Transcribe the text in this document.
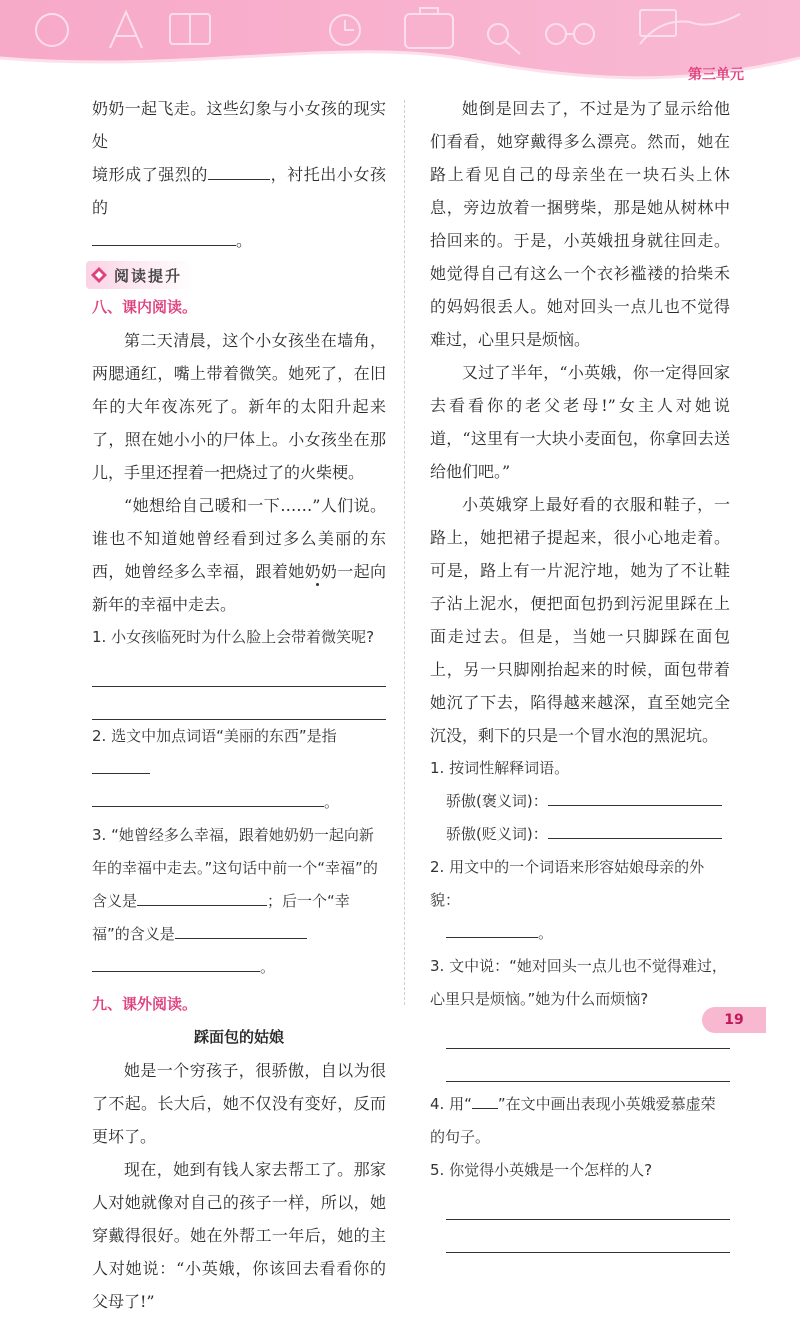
第三单元

奶奶一起飞走。这些幻象与小女孩的现实处

境形成了强烈的	，衬托出小女孩的

。

阅读提升

八、课内阅读。

第二天清晨，这个小女孩坐在墙角，两腮通红，嘴上带着微笑。她死了，在旧年的大年夜冻死了。新年的太阳升起来了，照在她小小的尸体上。小女孩坐在那儿，手里还捏着一把烧过了的火柴梗。

“她想给自己暖和一下……”人们说。谁也不知道她曾经看到过多么美丽的东西，她曾经多么幸福，跟着她奶奶一起向新年的幸福中走去。

1. 小女孩临死时为什么脸上会带着微笑呢?

2. 选文中加点词语“美丽的东西”是指

。

3. “她曾经多么幸福，跟着她奶奶一起向新年的幸福中走去。”这句话中前一个“幸福”的含义是	；后一个“幸福”的含义是

。

九、课外阅读。

踩面包的姑娘

她是一个穷孩子，很骄傲，自以为很了不起。长大后，她不仅没有变好，反而更坏了。

现在，她到有钱人家去帮工了。那家人对她就像对自己的孩子一样，所以，她穿戴得很好。她在外帮工一年后，她的主人对她说：“小英娥，你该回去看看你的父母了!”

她倒是回去了，不过是为了显示给他们看看，她穿戴得多么漂亮。然而，她在路上看见自己的母亲坐在一块石头上休息，旁边放着一捆劈柴，那是她从树林中拾回来的。于是，小英娥扭身就往回走。她觉得自己有这么一个衣衫褴褛的拾柴禾的妈妈很丢人。她对回头一点儿也不觉得难过，心里只是烦恼。

又过了半年，“小英娥，你一定得回家去看看你的老父老母!”女主人对她说道，“这里有一大块小麦面包，你拿回去送给他们吧。”

小英娥穿上最好看的衣服和鞋子，一路上，她把裙子提起来，很小心地走着。可是，路上有一片泥泞地，她为了不让鞋子沾上泥水，便把面包扔到污泥里踩在上面走过去。但是，当她一只脚踩在面包上，另一只脚刚抬起来的时候，面包带着她沉了下去，陷得越来越深，直至她完全沉没，剩下的只是一个冒水泡的黑泥坑。

1. 按词性解释词语。

骄傲(褒义词)：

骄傲(贬义词)：

2. 用文中的一个词语来形容姑娘母亲的外貌：

。

3. 文中说：“她对回头一点儿也不觉得难过，心里只是烦恼。”她为什么而烦恼?

4. 用“ ”在文中画出表现小英娥爱慕虚荣的句子。

5. 你觉得小英娥是一个怎样的人?

19
